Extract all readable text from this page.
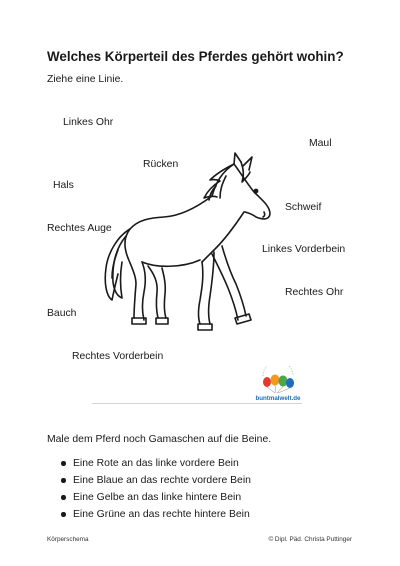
Welches Körperteil des Pferdes gehört wohin?
Ziehe eine Linie.
Linkes Ohr
Maul
Rücken
Hals
Schweif
Rechtes Auge
Linkes Vorderbein
Rechtes Ohr
Bauch
Rechtes Vorderbein
buntmalwelt.de
Male dem Pferd noch Gamaschen auf die Beine.
Eine Rote an das linke vordere Bein
Eine Blaue an das rechte vordere Bein
Eine Gelbe an das linke hintere Bein
Eine Grüne an das rechte hintere Bein
Körperschema	© Dipl. Päd. Christa Puttinger
